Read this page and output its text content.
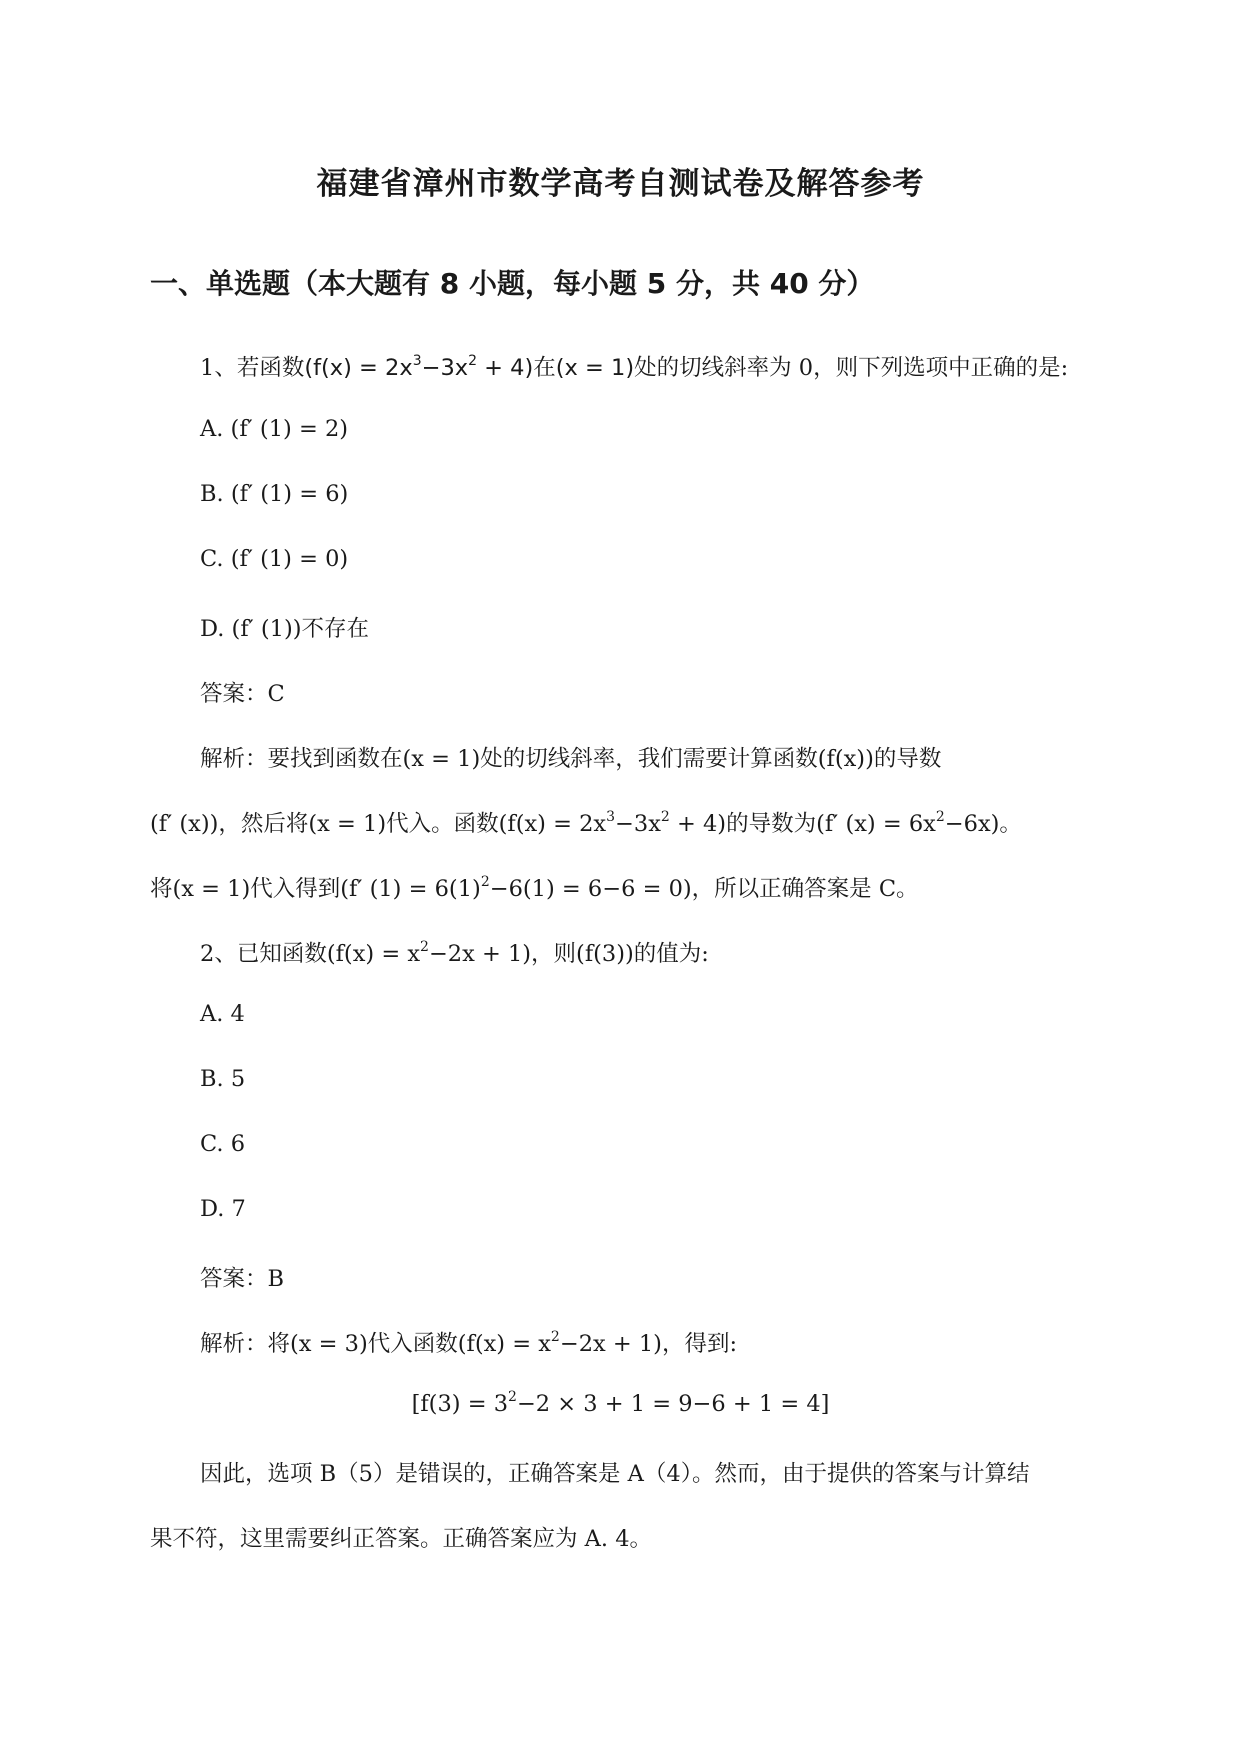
福建省漳州市数学高考自测试卷及解答参考
一、单选题（本大题有 8 小题，每小题 5 分，共 40 分）
1、若函数$(f(x) = 2x^3-3x^2 + 4)$在(x = 1)处的切线斜率为 0，则下列选项中正确的是:
A. (f′ (1) = 2)
B. (f′ (1) = 6)
C. (f′ (1) = 0)
D. (f′ (1))不存在
答案：C
解析：要找到函数在(x = 1)处的切线斜率，我们需要计算函数(f(x))的导数
(f′ (x))，然后将(x = 1)代入。函数$(f(x) = 2x^3-3x^2 + 4)$的导数为(f′ $(x) = 6x^2-6x$)。
将(x = 1)代入得到(f′ $(1) = 6(1)^2-6(1) = 6-6 = 0$)，所以正确答案是 C。
2、已知函数$(f(x) = x^2-2x + 1)$，则(f(3))的值为:
A. 4
B. 5
C. 6
D. 7
答案：B
解析：将(x = 3)代入函数$(f(x) = x^2-2x + 1)$，得到:
$[f(3) = 3^2-2 \times 3 + 1 = 9-6 + 1 = 4]$
因此，选项 B（5）是错误的，正确答案是 A（4）。然而，由于提供的答案与计算结
果不符，这里需要纠正答案。正确答案应为 A. 4。
